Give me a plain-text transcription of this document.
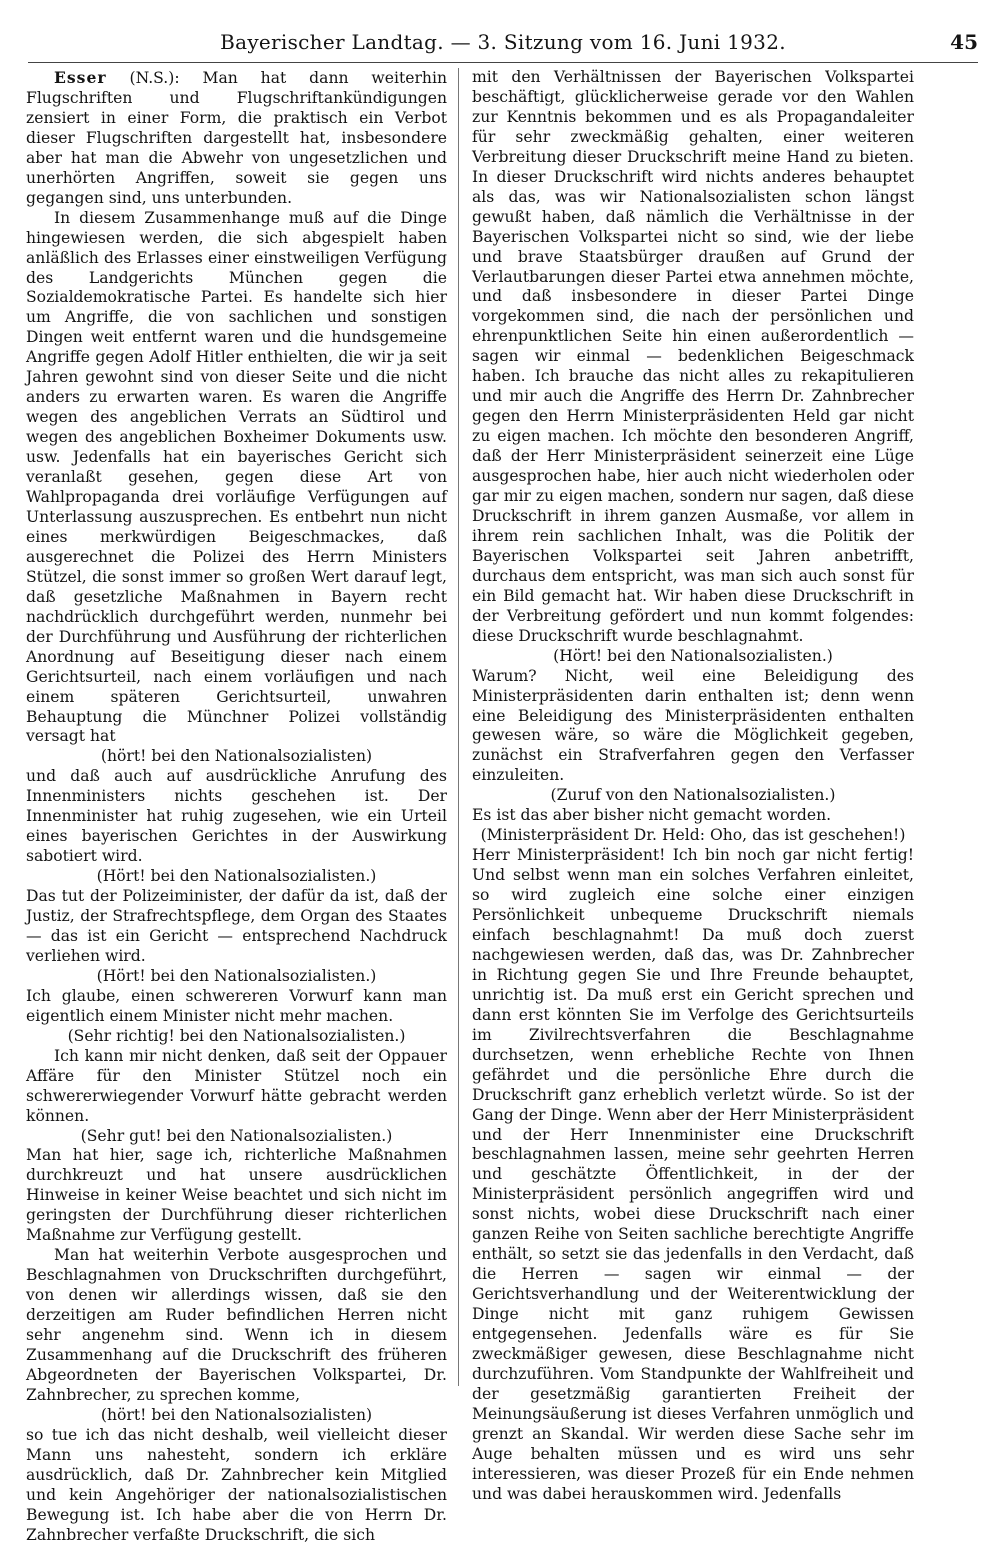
Bayerischer Landtag. — 3. Sitzung vom 16. Juni 1932.	45

Esser (N.S.): Man hat dann weiterhin Flugschriften und Flugschriftankündigungen zensiert in einer Form, die praktisch ein Verbot dieser Flugschriften dargestellt hat, insbesondere aber hat man die Abwehr von ungesetzlichen und unerhörten Angriffen, soweit sie gegen uns gegangen sind, uns unterbunden.

In diesem Zusammenhange muß auf die Dinge hingewiesen werden, die sich abgespielt haben anläßlich des Erlasses einer einstweiligen Verfügung des Landgerichts München gegen die Sozialdemokratische Partei. Es handelte sich hier um Angriffe, die von sachlichen und sonstigen Dingen weit entfernt waren und die hundsgemeine Angriffe gegen Adolf Hitler enthielten, die wir ja seit Jahren gewohnt sind von dieser Seite und die nicht anders zu erwarten waren. Es waren die Angriffe wegen des angeblichen Verrats an Südtirol und wegen des angeblichen Boxheimer Dokuments usw. usw. Jedenfalls hat ein bayerisches Gericht sich veranlaßt gesehen, gegen diese Art von Wahlpropaganda drei vorläufige Verfügungen auf Unterlassung auszusprechen. Es entbehrt nun nicht eines merkwürdigen Beigeschmackes, daß ausgerechnet die Polizei des Herrn Ministers Stützel, die sonst immer so großen Wert darauf legt, daß gesetzliche Maßnahmen in Bayern recht nachdrücklich durchgeführt werden, nunmehr bei der Durchführung und Ausführung der richterlichen Anordnung auf Beseitigung dieser nach einem Gerichtsurteil, nach einem vorläufigen und nach einem späteren Gerichtsurteil, unwahren Behauptung die Münchner Polizei vollständig versagt hat

(hört! bei den Nationalsozialisten)

und daß auch auf ausdrückliche Anrufung des Innenministers nichts geschehen ist. Der Innenminister hat ruhig zugesehen, wie ein Urteil eines bayerischen Gerichtes in der Auswirkung sabotiert wird.

(Hört! bei den Nationalsozialisten.)

Das tut der Polizeiminister, der dafür da ist, daß der Justiz, der Strafrechtspflege, dem Organ des Staates — das ist ein Gericht — entsprechend Nachdruck verliehen wird.

(Hört! bei den Nationalsozialisten.)

Ich glaube, einen schwereren Vorwurf kann man eigentlich einem Minister nicht mehr machen.

(Sehr richtig! bei den Nationalsozialisten.)

Ich kann mir nicht denken, daß seit der Oppauer Affäre für den Minister Stützel noch ein schwererwiegender Vorwurf hätte gebracht werden können.

(Sehr gut! bei den Nationalsozialisten.)

Man hat hier, sage ich, richterliche Maßnahmen durchkreuzt und hat unsere ausdrücklichen Hinweise in keiner Weise beachtet und sich nicht im geringsten der Durchführung dieser richterlichen Maßnahme zur Verfügung gestellt.

Man hat weiterhin Verbote ausgesprochen und Beschlagnahmen von Druckschriften durchgeführt, von denen wir allerdings wissen, daß sie den derzeitigen am Ruder befindlichen Herren nicht sehr angenehm sind. Wenn ich in diesem Zusammenhang auf die Druckschrift des früheren Abgeordneten der Bayerischen Volkspartei, Dr. Zahnbrecher, zu sprechen komme,

(hört! bei den Nationalsozialisten)

so tue ich das nicht deshalb, weil vielleicht dieser Mann uns nahesteht, sondern ich erkläre ausdrücklich, daß Dr. Zahnbrecher kein Mitglied und kein Angehöriger der nationalsozialistischen Bewegung ist. Ich habe aber die von Herrn Dr. Zahnbrecher verfaßte Druckschrift, die sich

mit den Verhältnissen der Bayerischen Volkspartei beschäftigt, glücklicherweise gerade vor den Wahlen zur Kenntnis bekommen und es als Propagandaleiter für sehr zweckmäßig gehalten, einer weiteren Verbreitung dieser Druckschrift meine Hand zu bieten. In dieser Druckschrift wird nichts anderes behauptet als das, was wir Nationalsozialisten schon längst gewußt haben, daß nämlich die Verhältnisse in der Bayerischen Volkspartei nicht so sind, wie der liebe und brave Staatsbürger draußen auf Grund der Verlautbarungen dieser Partei etwa annehmen möchte, und daß insbesondere in dieser Partei Dinge vorgekommen sind, die nach der persönlichen und ehrenpunktlichen Seite hin einen außerordentlich — sagen wir einmal — bedenklichen Beigeschmack haben. Ich brauche das nicht alles zu rekapitulieren und mir auch die Angriffe des Herrn Dr. Zahnbrecher gegen den Herrn Ministerpräsidenten Held gar nicht zu eigen machen. Ich möchte den besonderen Angriff, daß der Herr Ministerpräsident seinerzeit eine Lüge ausgesprochen habe, hier auch nicht wiederholen oder gar mir zu eigen machen, sondern nur sagen, daß diese Druckschrift in ihrem ganzen Ausmaße, vor allem in ihrem rein sachlichen Inhalt, was die Politik der Bayerischen Volkspartei seit Jahren anbetrifft, durchaus dem entspricht, was man sich auch sonst für ein Bild gemacht hat. Wir haben diese Druckschrift in der Verbreitung gefördert und nun kommt folgendes: diese Druckschrift wurde beschlagnahmt.

(Hört! bei den Nationalsozialisten.)

Warum? Nicht, weil eine Beleidigung des Ministerpräsidenten darin enthalten ist; denn wenn eine Beleidigung des Ministerpräsidenten enthalten gewesen wäre, so wäre die Möglichkeit gegeben, zunächst ein Strafverfahren gegen den Verfasser einzuleiten.

(Zuruf von den Nationalsozialisten.)

Es ist das aber bisher nicht gemacht worden.

(Ministerpräsident Dr. Held: Oho, das ist geschehen!)

Herr Ministerpräsident! Ich bin noch gar nicht fertig! Und selbst wenn man ein solches Verfahren einleitet, so wird zugleich eine solche einer einzigen Persönlichkeit unbequeme Druckschrift niemals einfach beschlagnahmt! Da muß doch zuerst nachgewiesen werden, daß das, was Dr. Zahnbrecher in Richtung gegen Sie und Ihre Freunde behauptet, unrichtig ist. Da muß erst ein Gericht sprechen und dann erst könnten Sie im Verfolge des Gerichtsurteils im Zivilrechtsverfahren die Beschlagnahme durchsetzen, wenn erhebliche Rechte von Ihnen gefährdet und die persönliche Ehre durch die Druckschrift ganz erheblich verletzt würde. So ist der Gang der Dinge. Wenn aber der Herr Ministerpräsident und der Herr Innenminister eine Druckschrift beschlagnahmen lassen, meine sehr geehrten Herren und geschätzte Öffentlichkeit, in der der Ministerpräsident persönlich angegriffen wird und sonst nichts, wobei diese Druckschrift nach einer ganzen Reihe von Seiten sachliche berechtigte Angriffe enthält, so setzt sie das jedenfalls in den Verdacht, daß die Herren — sagen wir einmal — der Gerichtsverhandlung und der Weiterentwicklung der Dinge nicht mit ganz ruhigem Gewissen entgegensehen. Jedenfalls wäre es für Sie zweckmäßiger gewesen, diese Beschlagnahme nicht durchzuführen. Vom Standpunkte der Wahlfreiheit und der gesetzmäßig garantierten Freiheit der Meinungsäußerung ist dieses Verfahren unmöglich und grenzt an Skandal. Wir werden diese Sache sehr im Auge behalten müssen und es wird uns sehr interessieren, was dieser Prozeß für ein Ende nehmen und was dabei herauskommen wird. Jedenfalls
